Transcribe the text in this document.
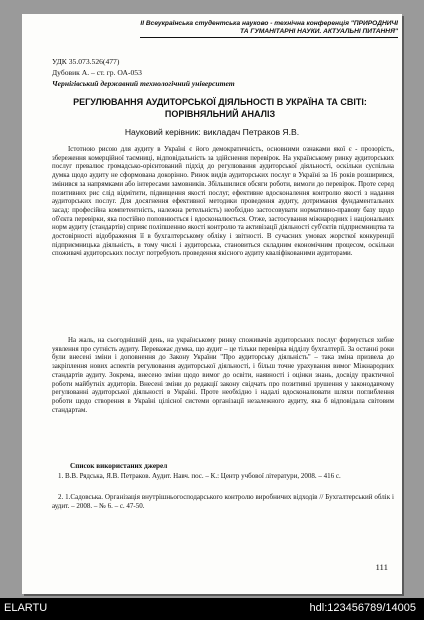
ІІ Всеукраїнська студентська науково - технічна конференція "ПРИРОДНИЧІ ТА ГУМАНІТАРНІ НАУКИ. АКТУАЛЬНІ ПИТАННЯ"
УДК 35.073.526(477)
Дубовик А. – ст. гр. ОА-053
Чернігівський державний технологічний університет
РЕГУЛЮВАННЯ АУДИТОРСЬКОЇ ДІЯЛЬНОСТІ В УКРАЇНА ТА СВІТІ: ПОРІВНЯЛЬНИЙ АНАЛІЗ
Науковий керівник: викладач Петраков Я.В.

Істотною рисою для аудиту в Україні є його демократичність, основними ознаками якої є - прозорість, збереження комерційної таємниці, відповідальність за здійснення перевірок. На українському ринку аудиторських послуг превалює громадсько-орієнтований підхід до регулювання аудиторської діяльності, оскільки суспільна думка щодо аудиту не сформована докорінно. Ринок видів аудиторських послуг в Україні за 16 років розширився, змінився за напрямками або інтересами замовників. Збільшилися обсяги роботи, вимоги до перевірок. Проте серед позитивних рис слід відмітити, підвищення якості послуг, ефективне вдосконалення контролю якості з надання аудиторських послуг. Для досягнення ефективної методики проведення аудиту, дотримання фундаментальних засад: професійна компетентність, належна ретельність) необхідно застосовувати нормативно-правову базу щодо об'єкта перевірки, яка постійно поповнюється і вдосконалюється. Отже, застосування міжнародних і національних норм аудиту (стандартів) сприяє поліпшенню якості контролю та активізації діяльності суб'єктів підприємництва та достовірності відображення її в бухгалтерському обліку і звітності. В сучасних умовах жорсткої конкуренції підприємницька діяльність, в тому числі і аудиторська, становиться складним економічним процесом, оскільки споживачі аудиторських послуг потребують проведення якісного аудиту кваліфікованими аудиторами.

На жаль, на сьогоднішній день, на українському ринку споживачів аудиторських послуг формується хибне уявлення про сутність аудиту. Переважає думка, що аудит – це тільки перевірка відділу бухгалтерії. За останні роки були внесені зміни і доповнення до Закону України "Про аудиторську діяльність" – така зміна призвела до закріплення нових аспектів регулювання аудиторської діяльності, і більш точне урахування вимог Міжнародних стандартів аудиту. Зокрема, внесено зміни щодо вимог до освіти, наявності і оцінки знань, досвіду практичної роботи майбутніх аудиторів. Внесені зміни до редакції закону свідчать про позитивні зрушення у законодавчому регулюванні аудиторської діяльності в Україні. Проте необхідно і надалі вдосконалювати шляхи поглиблення роботи щодо створення в Україні цілісної системи організації незалежного аудиту, яка б відповідала світовим стандартам.

Список використаних джерел

1. В.В. Рядська, Я.В. Петраков. Аудит. Навч. пос. – К.: Центр учбової літератури, 2008. – 416 с.

2. 1.Садовська. Організація внутрішньогосподарського контролю виробничих відходів // Бухгалтерський облік і аудит. – 2008. – № 6. – с. 47-50.

111
ELARTU	hdl:123456789/14005
